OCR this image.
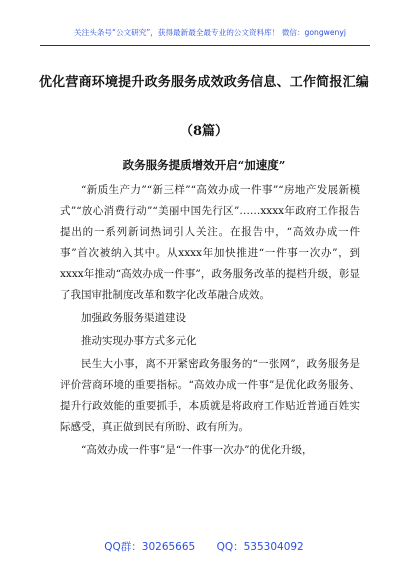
关注头条号“公文研究”，获得最新最全最专业的公文资料库！ 微信：gongwenyj
优化营商环境提升政务服务成效政务信息、工作简报汇编
（8篇）
政务服务提质增效开启“加速度”

“新质生产力”“新三样”“高效办成一件事”“房地产发展新模式”“放心消费行动”“美丽中国先行区”……xxxx年政府工作报告提出的一系列新词热词引人关注。在报告中，“高效办成一件事”首次被纳入其中。从xxxx年加快推进“一件事一次办”，到xxxx年推动“高效办成一件事”，政务服务改革的提档升级，彰显了我国审批制度改革和数字化改革融合成效。

加强政务服务渠道建设

推动实现办事方式多元化

民生大小事，离不开紧密政务服务的“一张网”，政务服务是评价营商环境的重要指标。“高效办成一件事”是优化政务服务、提升行政效能的重要抓手，本质就是将政府工作贴近普通百姓实际感受，真正做到民有所盼、政有所为。

“高效办成一件事”是“一件事一次办”的优化升级，

QQ群：30265665 QQ：535304092
